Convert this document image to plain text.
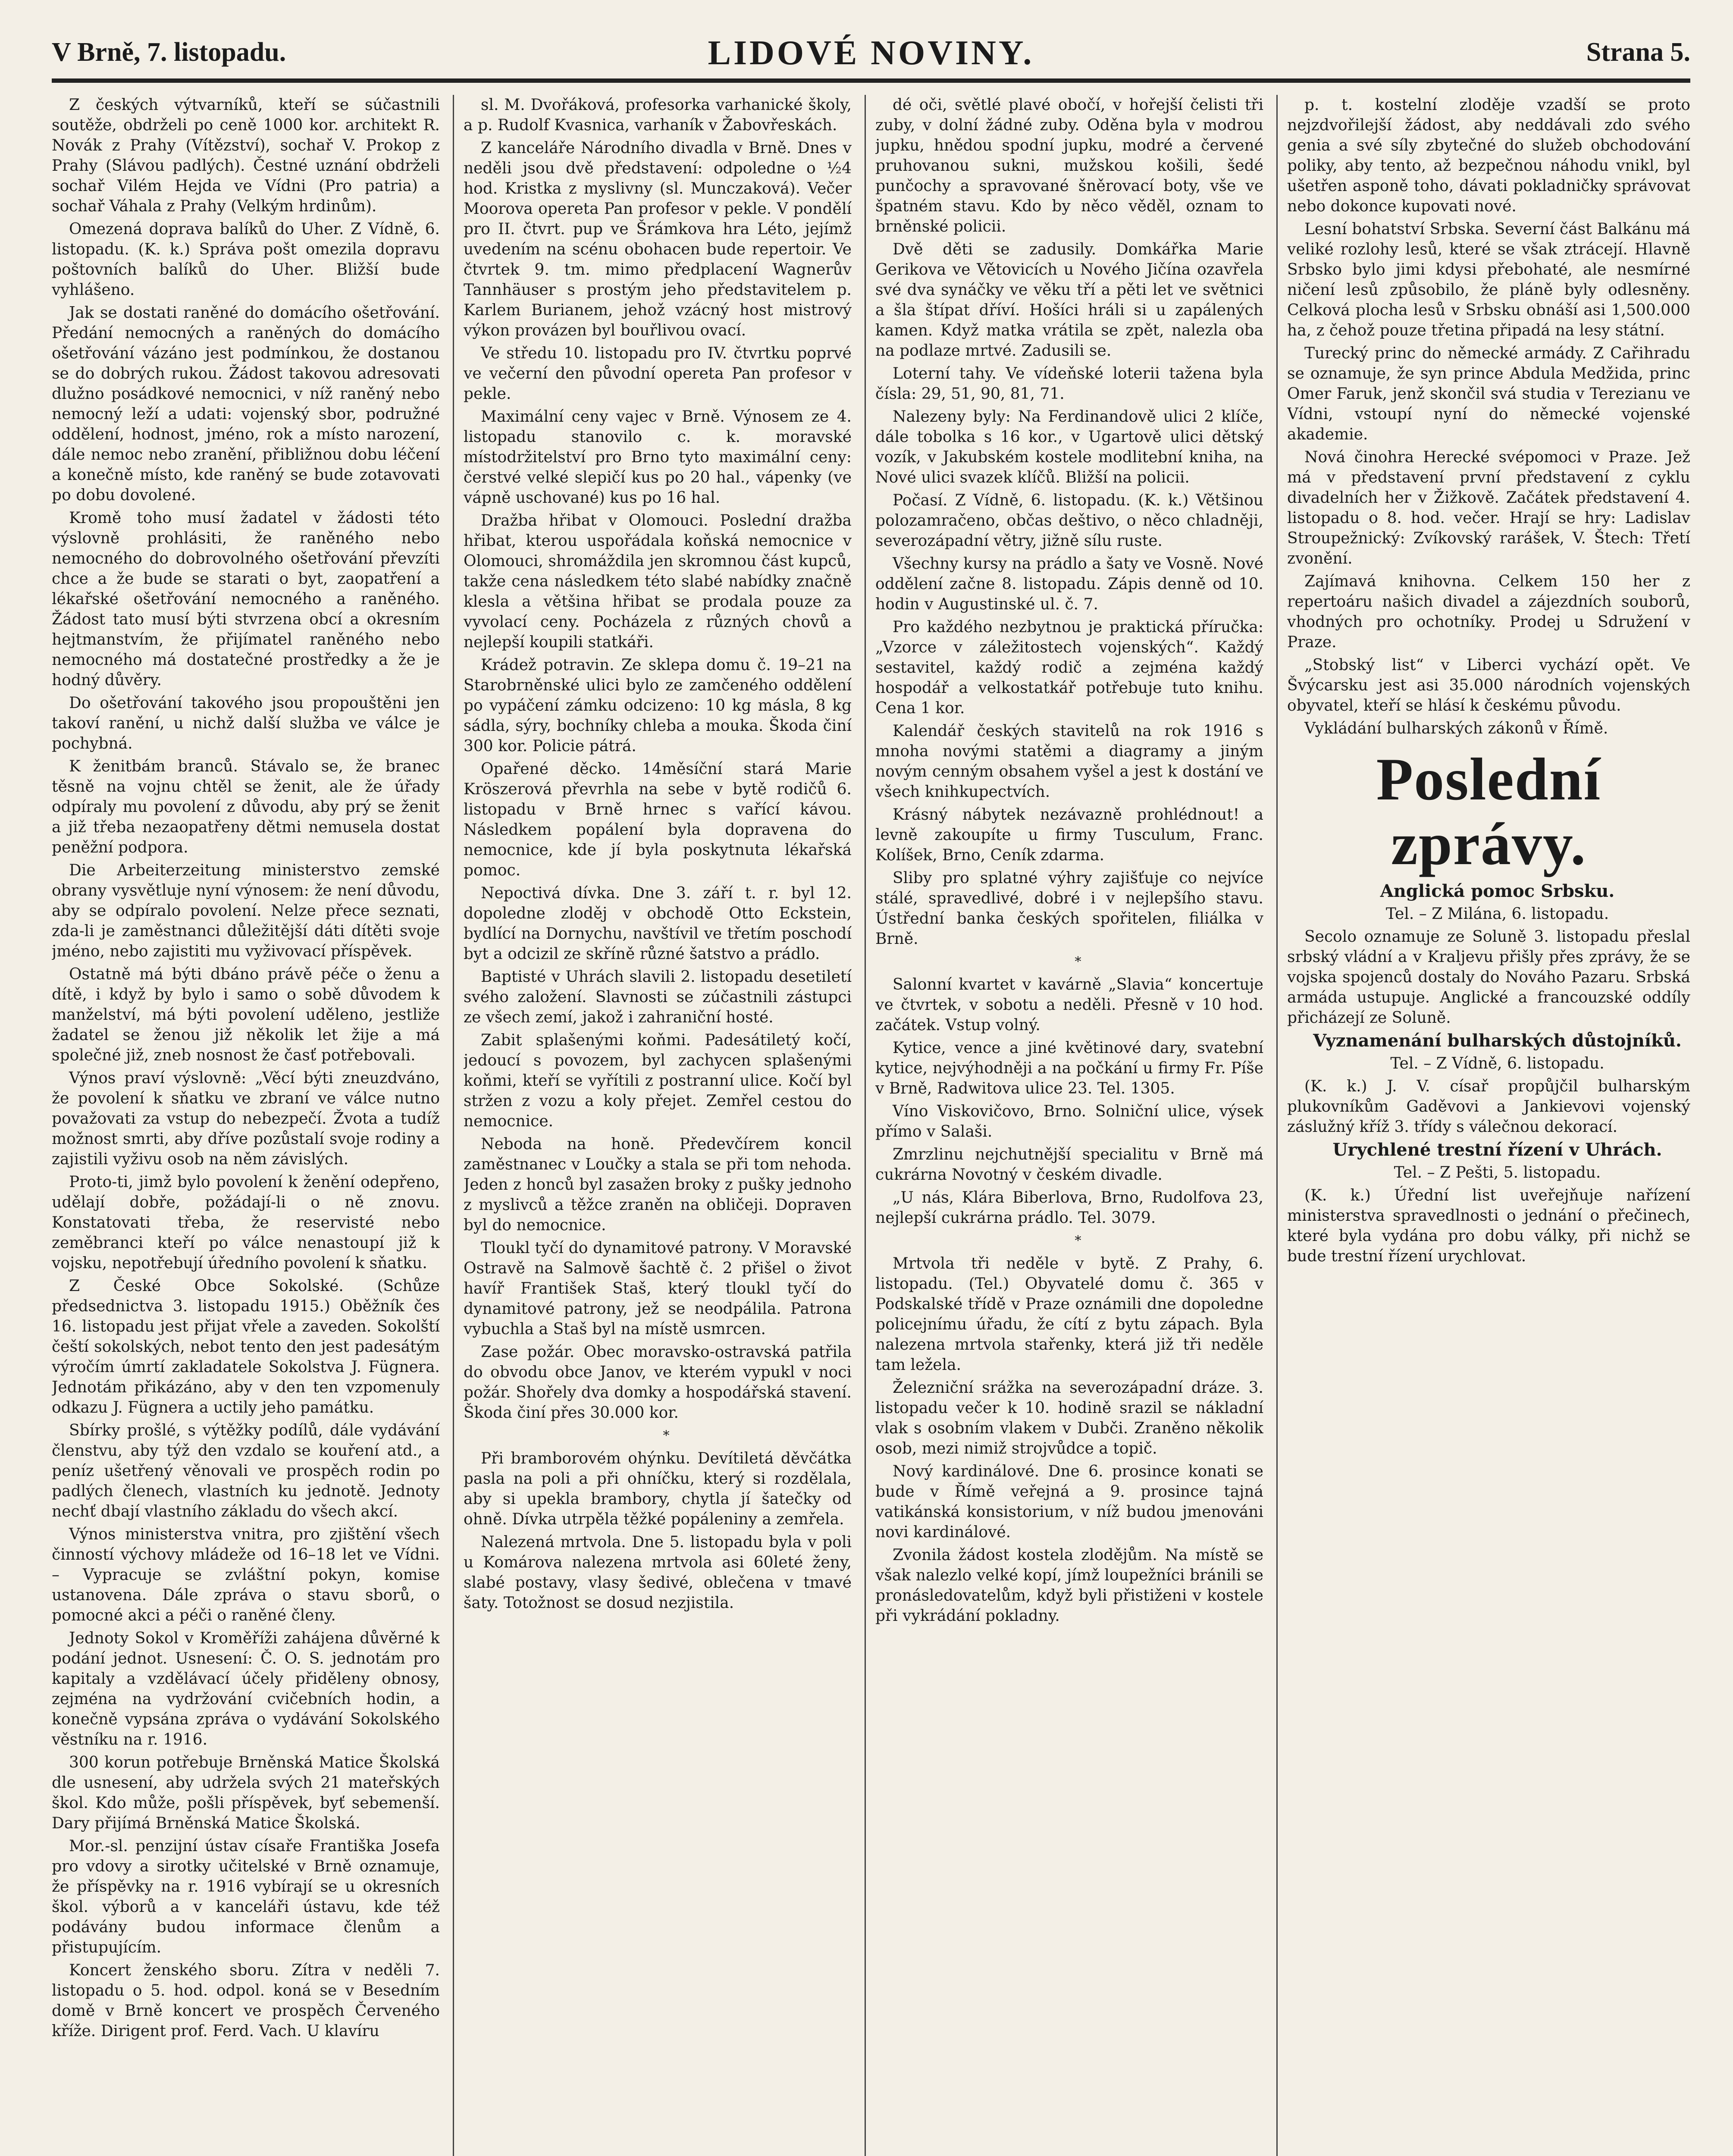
V Brně, 7. listopadu.	LIDOVÉ NOVINY.	Strana 5.

Z českých výtvarníků, kteří se súčastnili soutěže, obdrželi po ceně 1000 kor. architekt R. Novák z Prahy (Vítězství), sochař V. Prokop z Prahy (Slávou padlých). Čestné uznání obdrželi sochař Vilém Hejda ve Vídni (Pro patria) a sochař Váhala z Prahy (Velkým hrdinům).

Omezená doprava balíků do Uher. Z Vídně, 6. listopadu. (K. k.) Správa pošt omezila dopravu poštovních balíků do Uher. Bližší bude vyhlášeno.

Jak se dostati raněné do domácího ošetřování. Předání nemocných a raněných do domácího ošetřování vázáno jest podmínkou, že dostanou se do dobrých rukou. Žádost takovou adresovati dlužno posádkové nemocnici, v níž raněný nebo nemocný leží a udati: vojenský sbor, podružné oddělení, hodnost, jméno, rok a místo narození, dále nemoc nebo zranění, přibližnou dobu léčení a konečně místo, kde raněný se bude zotavovati po dobu dovolené.

Kromě toho musí žadatel v žádosti této výslovně prohlásiti, že raněného nebo nemocného do dobrovolného ošetřování převzíti chce a že bude se starati o byt, zaopatření a lékařské ošetřování nemocného a raněného. Žádost tato musí býti stvrzena obcí a okresním hejtmanstvím, že přijímatel raněného nebo nemocného má dostatečné prostředky a že je hodný důvěry.

Do ošetřování takového jsou propouštěni jen takoví ranění, u nichž další služba ve válce je pochybná.

K ženitbám branců. Stávalo se, že branec těsně na vojnu chtěl se ženit, ale že úřady odpíraly mu povolení z důvodu, aby prý se ženit a již třeba nezaopatřeny dětmi nemusela dostat peněžní podpora.

Die Arbeiterzeitung ministerstvo zemské obrany vysvětluje nyní výnosem: že není důvodu, aby se odpíralo povolení. Nelze přece seznati, zda-li je zaměstnanci důležitější dáti dítěti svoje jméno, nebo zajistiti mu vyživovací příspěvek.

Ostatně má býti dbáno právě péče o ženu a dítě, i když by bylo i samo o sobě důvodem k manželství, má býti povolení uděleno, jestliže žadatel se ženou již několik let žije a má společné již, zneb nosnost že časť potřebovali.

Výnos praví výslovně: „Věcí býti zneuzdváno, že povolení k sňatku ve zbraní ve válce nutno považovati za vstup do nebezpečí. Žvota a tudíž možnost smrti, aby dříve pozůstalí svoje rodiny a zajistili vyživu osob na něm závislých.

Proto-ti, jimž bylo povolení k ženění odepřeno, udělají dobře, požádají-li o ně znovu. Konstatovati třeba, že reservisté nebo zeměbranci kteří po válce nenastoupí již k vojsku, nepotřebují úředního povolení k sňatku.

Z České Obce Sokolské. (Schůze předsednictva 3. listopadu 1915.) Oběžník čes 16. listopadu jest přijat vřele a zaveden. Sokolští čeští sokolských, nebot tento den jest padesátým výročím úmrtí zakladatele Sokolstva J. Fügnera. Jednotám přikázáno, aby v den ten vzpomenuly odkazu J. Fügnera a uctily jeho památku.

Sbírky prošlé, s výtěžky podílů, dále vydávání členstvu, aby týž den vzdalo se kouření atd., a peníz ušetřený věnovali ve prospěch rodin po padlých členech, vlastních ku jednotě. Jednoty nechť dbají vlastního základu do všech akcí.

Výnos ministerstva vnitra, pro zjištění všech činností výchovy mládeže od 16–18 let ve Vídni. – Vypracuje se zvláštní pokyn, komise ustanovena. Dále zpráva o stavu sborů, o pomocné akci a péči o raněné členy.

Jednoty Sokol v Kroměříži zahájena důvěrné k podání jednot. Usnesení: Č. O. S. jednotám pro kapitaly a vzdělávací účely přiděleny obnosy, zejména na vydržování cvičebních hodin, a konečně vypsána zpráva o vydávání Sokolského věstníku na r. 1916.

300 korun potřebuje Brněnská Matice Školská dle usnesení, aby udržela svých 21 mateřských škol. Kdo může, pošli příspěvek, byť sebemenší. Dary přijímá Brněnská Matice Školská.

Mor.-sl. penzijní ústav císaře Františka Josefa pro vdovy a sirotky učitelské v Brně oznamuje, že příspěvky na r. 1916 vybírají se u okresních škol. výborů a v kanceláři ústavu, kde též podávány budou informace členům a přistupujícím.

Koncert ženského sboru. Zítra v neděli 7. listopadu o 5. hod. odpol. koná se v Besedním domě v Brně koncert ve prospěch Červeného kříže. Dirigent prof. Ferd. Vach. U klavíru

sl. M. Dvořáková, profesorka varhanické školy, a p. Rudolf Kvasnica, varhaník v Žabovřeskách.

Z kanceláře Národního divadla v Brně. Dnes v neděli jsou dvě představení: odpoledne o ½4 hod. Kristka z myslivny (sl. Munczaková). Večer Moorova opereta Pan profesor v pekle. V pondělí pro II. čtvrt. pup ve Šrámkova hra Léto, jejímž uvedením na scénu obohacen bude repertoir. Ve čtvrtek 9. tm. mimo předplacení Wagnerův Tannhäuser s prostým jeho představitelem p. Karlem Burianem, jehož vzácný host mistrový výkon provázen byl bouřlivou ovací.

Ve středu 10. listopadu pro IV. čtvrtku poprvé ve večerní den původní opereta Pan profesor v pekle.

Maximální ceny vajec v Brně. Výnosem ze 4. listopadu stanovilo c. k. moravské místodržitelství pro Brno tyto maximální ceny: čerstvé velké slepičí kus po 20 hal., vápenky (ve vápně uschované) kus po 16 hal.

Dražba hřibat v Olomouci. Poslední dražba hřibat, kterou uspořádala koňská nemocnice v Olomouci, shromáždila jen skromnou část kupců, takže cena následkem této slabé nabídky značně klesla a většina hřibat se prodala pouze za vyvolací ceny. Pocházela z různých chovů a nejlepší koupili statkáři.

Krádež potravin. Ze sklepa domu č. 19–21 na Starobrněnské ulici bylo ze zamčeného oddělení po vypáčení zámku odcizeno: 10 kg másla, 8 kg sádla, sýry, bochníky chleba a mouka. Škoda činí 300 kor. Policie pátrá.

Opařené děcko. 14měsíční stará Marie Kröszerová převrhla na sebe v bytě rodičů 6. listopadu v Brně hrnec s vařící kávou. Následkem popálení byla dopravena do nemocnice, kde jí byla poskytnuta lékařská pomoc.

Nepoctivá dívka. Dne 3. září t. r. byl 12. dopoledne zloděj v obchodě Otto Eckstein, bydlící na Dornychu, navštívil ve třetím poschodí byt a odcizil ze skříně různé šatstvo a prádlo.

Baptisté v Uhrách slavili 2. listopadu desetiletí svého založení. Slavnosti se zúčastnili zástupci ze všech zemí, jakož i zahraniční hosté.

Zabit splašenými koňmi. Padesátiletý kočí, jedoucí s povozem, byl zachycen splašenými koňmi, kteří se vyřítili z postranní ulice. Kočí byl stržen z vozu a koly přejet. Zemřel cestou do nemocnice.

Neboda na honě. Předevčírem koncil zaměstnanec v Loučky a stala se při tom nehoda. Jeden z honců byl zasažen broky z pušky jednoho z myslivců a těžce zraněn na obličeji. Dopraven byl do nemocnice.

Tloukl tyčí do dynamitové patrony. V Moravské Ostravě na Salmově šachtě č. 2 přišel o život havíř František Staš, který tloukl tyčí do dynamitové patrony, jež se neodpálila. Patrona vybuchla a Staš byl na místě usmrcen.

Zase požár. Obec moravsko-ostravská patřila do obvodu obce Janov, ve kterém vypukl v noci požár. Shořely dva domky a hospodářská stavení. Škoda činí přes 30.000 kor.

*

Při bramborovém ohýnku. Devítiletá děvčátka pasla na poli a při ohníčku, který si rozdělala, aby si upekla brambory, chytla jí šatečky od ohně. Dívka utrpěla těžké popáleniny a zemřela.

Nalezená mrtvola. Dne 5. listopadu byla v poli u Komárova nalezena mrtvola asi 60leté ženy, slabé postavy, vlasy šedivé, oblečena v tmavé šaty. Totožnost se dosud nezjistila.

dé oči, světlé plavé obočí, v hořejší čelisti tři zuby, v dolní žádné zuby. Oděna byla v modrou jupku, hnědou spodní jupku, modré a červené pruhovanou sukni, mužskou košili, šedé punčochy a spravované šněrovací boty, vše ve špatném stavu. Kdo by něco věděl, oznam to brněnské policii.

Dvě děti se zadusily. Domkářka Marie Gerikova ve Větovicích u Nového Jičína ozavřela své dva synáčky ve věku tří a pěti let ve světnici a šla štípat dříví. Hošíci hráli si u zapálených kamen. Když matka vrátila se zpět, nalezla oba na podlaze mrtvé. Zadusili se.

Loterní tahy. Ve vídeňské loterii tažena byla čísla: 29, 51, 90, 81, 71.

Nalezeny byly: Na Ferdinandově ulici 2 klíče, dále tobolka s 16 kor., v Ugartově ulici dětský vozík, v Jakubském kostele modlitební kniha, na Nové ulici svazek klíčů. Bližší na policii.

Počasí. Z Vídně, 6. listopadu. (K. k.) Většinou polozamračeno, občas deštivo, o něco chladněji, severozápadní větry, jižně sílu ruste.

Všechny kursy na prádlo a šaty ve Vosně. Nové oddělení začne 8. listopadu. Zápis denně od 10. hodin v Augustinské ul. č. 7.

Pro každého nezbytnou je praktická příručka: „Vzorce v záležitostech vojenských“. Každý sestavitel, každý rodič a zejména každý hospodář a velkostatkář potřebuje tuto knihu. Cena 1 kor.

Kalendář českých stavitelů na rok 1916 s mnoha novými statěmi a diagramy a jiným novým cenným obsahem vyšel a jest k dostání ve všech knihkupectvích.

Krásný nábytek nezávazně prohlédnout! a levně zakoupíte u firmy Tusculum, Franc. Kolíšek, Brno, Ceník zdarma.

Sliby pro splatné výhry zajišťuje co nejvíce stálé, spravedlivé, dobré i v nejlepšího stavu. Ústřední banka českých spořitelen, filiálka v Brně.

*

Salonní kvartet v kavárně „Slavia“ koncertuje ve čtvrtek, v sobotu a neděli. Přesně v 10 hod. začátek. Vstup volný.

Kytice, vence a jiné květinové dary, svatební kytice, nejvýhodněji a na počkání u firmy Fr. Píše v Brně, Radwitova ulice 23. Tel. 1305.

Víno Viskovičovo, Brno. Solniční ulice, výsek přímo v Salaši.

Zmrzlinu nejchutnější specialitu v Brně má cukrárna Novotný v českém divadle.

„U nás, Klára Biberlova, Brno, Rudolfova 23, nejlepší cukrárna prádlo. Tel. 3079.

*

Mrtvola tři neděle v bytě. Z Prahy, 6. listopadu. (Tel.) Obyvatelé domu č. 365 v Podskalské třídě v Praze oznámili dne dopoledne policejnímu úřadu, že cítí z bytu zápach. Byla nalezena mrtvola stařenky, která již tři neděle tam ležela.

Železniční srážka na severozápadní dráze. 3. listopadu večer k 10. hodině srazil se nákladní vlak s osobním vlakem v Dubči. Zraněno několik osob, mezi nimiž strojvůdce a topič.

Nový kardinálové. Dne 6. prosince konati se bude v Římě veřejná a 9. prosince tajná vatikánská konsistorium, v níž budou jmenováni novi kardinálové.

Zvonila žádost kostela zlodějům. Na místě se však nalezlo velké kopí, jímž loupežníci bránili se pronásledovatelům, když byli přistiženi v kostele při vykrádání pokladny.

p. t. kostelní zloděje vzadší se proto nejzdvořilejší žádost, aby neddávali zdo svého genia a své síly zbytečné do služeb obchodování poliky, aby tento, až bezpečnou náhodu vnikl, byl ušetřen asponě toho, dávati pokladničky správovat nebo dokonce kupovati nové.

Lesní bohatství Srbska. Severní část Balkánu má veliké rozlohy lesů, které se však ztrácejí. Hlavně Srbsko bylo jimi kdysi přebohaté, ale nesmírné ničení lesů způsobilo, že pláně byly odlesněny. Celková plocha lesů v Srbsku obnáší asi 1,500.000 ha, z čehož pouze třetina připadá na lesy státní.

Turecký princ do německé armády. Z Cařihradu se oznamuje, že syn prince Abdula Medžida, princ Omer Faruk, jenž skončil svá studia v Terezianu ve Vídni, vstoupí nyní do německé vojenské akademie.

Nová činohra Herecké svépomoci v Praze. Jež má v představení první představení z cyklu divadelních her v Žižkově. Začátek představení 4. listopadu o 8. hod. večer. Hrají se hry: Ladislav Stroupežnický: Zvíkovský rarášek, V. Štech: Třetí zvonění.

Zajímavá knihovna. Celkem 150 her z repertoáru našich divadel a zájezdních souborů, vhodných pro ochotníky. Prodej u Sdružení v Praze.

„Stobský list“ v Liberci vychází opět. Ve Švýcarsku jest asi 35.000 národních vojenských obyvatel, kteří se hlásí k českému původu.

Vykládání bulharských zákonů v Římě.

Poslední zprávy.

Anglická pomoc Srbsku.

Tel. – Z Milána, 6. listopadu.

Secolo oznamuje ze Soluně 3. listopadu přeslal srbský vládní a v Kraljevu přišly přes zprávy, že se vojska spojenců dostaly do Nováho Pazaru. Srbská armáda ustupuje. Anglické a francouzské oddíly přicházejí ze Soluně.

Vyznamenání bulharských důstojníků.

Tel. – Z Vídně, 6. listopadu.

(K. k.) J. V. císař propůjčil bulharským plukovníkům Gaděvovi a Jankievovi vojenský záslužný kříž 3. třídy s válečnou dekorací.

Urychlené trestní řízení v Uhrách.

Tel. – Z Pešti, 5. listopadu.

(K. k.) Úřední list uveřejňuje nařízení ministerstva spravedlnosti o jednání o přečinech, které byla vydána pro dobu války, při nichž se bude trestní řízení urychlovat.
